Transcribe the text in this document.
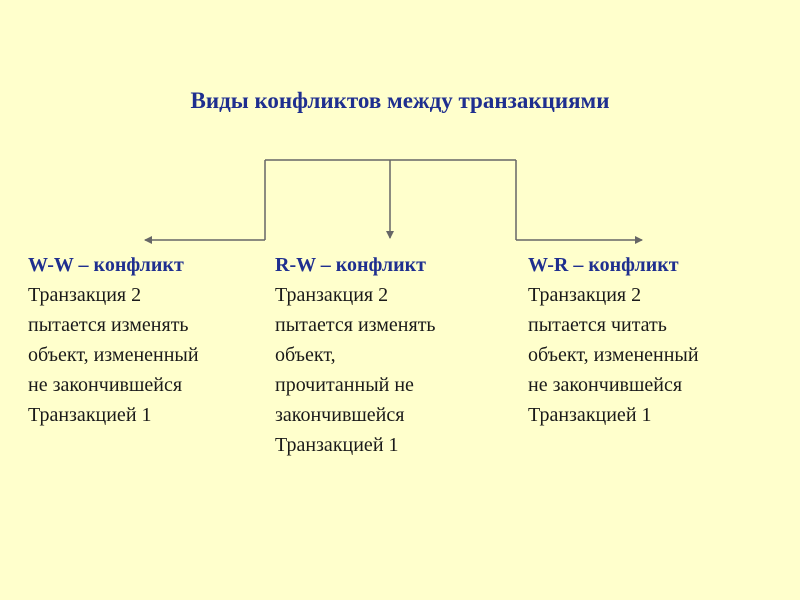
Виды конфликтов между транзакциями
W-W – конфликт
Транзакция 2
пытается изменять
объект, измененный
не закончившейся
Транзакцией 1
R-W – конфликт
Транзакция 2
пытается изменять
объект,
прочитанный не
закончившейся
Транзакцией 1
W-R – конфликт
Транзакция 2
пытается читать
объект, измененный
не закончившейся
Транзакцией 1
